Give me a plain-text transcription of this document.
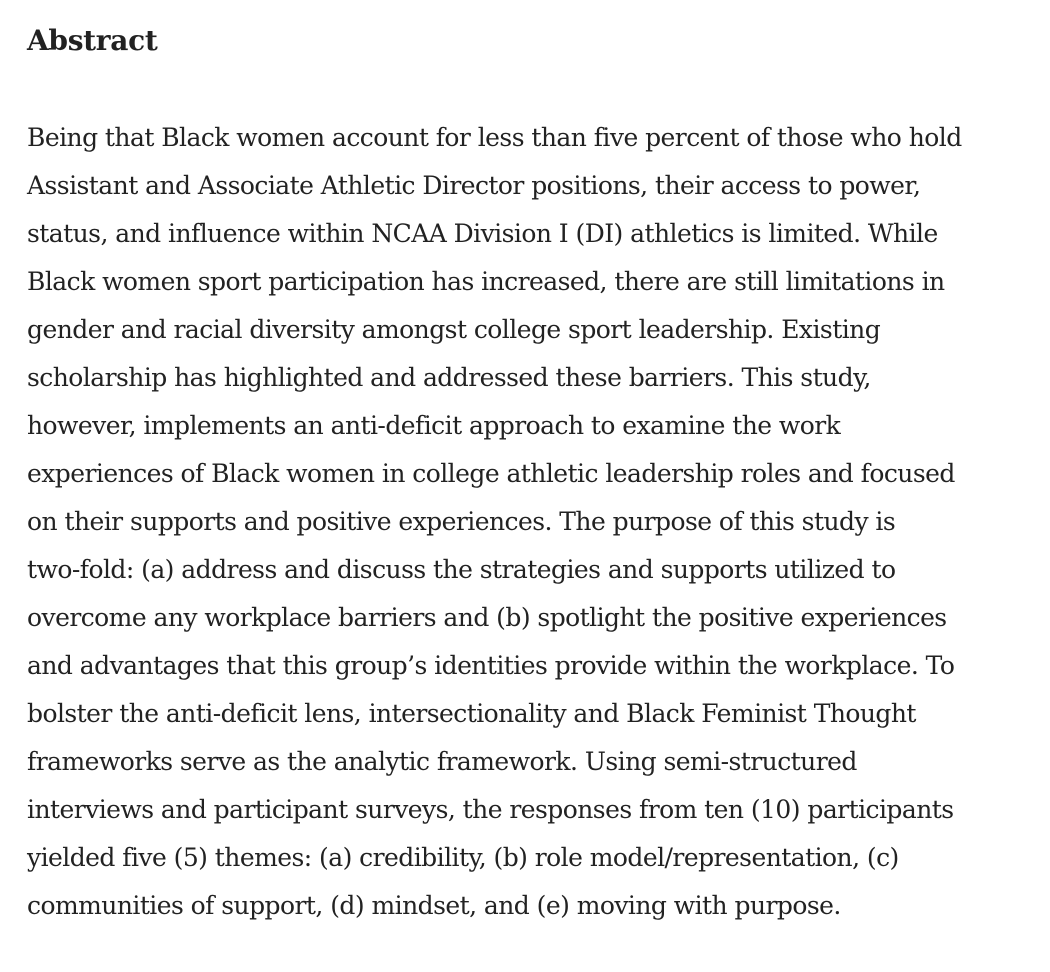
Abstract

Being that Black women account for less than five percent of those who hold
Assistant and Associate Athletic Director positions, their access to power,
status, and influence within NCAA Division I (DI) athletics is limited. While
Black women sport participation has increased, there are still limitations in
gender and racial diversity amongst college sport leadership. Existing
scholarship has highlighted and addressed these barriers. This study,
however, implements an anti-deficit approach to examine the work
experiences of Black women in college athletic leadership roles and focused
on their supports and positive experiences. The purpose of this study is
two-fold: (a) address and discuss the strategies and supports utilized to
overcome any workplace barriers and (b) spotlight the positive experiences
and advantages that this group’s identities provide within the workplace. To
bolster the anti-deficit lens, intersectionality and Black Feminist Thought
frameworks serve as the analytic framework. Using semi-structured
interviews and participant surveys, the responses from ten (10) participants
yielded five (5) themes: (a) credibility, (b) role model/representation, (c)
communities of support, (d) mindset, and (e) moving with purpose.
